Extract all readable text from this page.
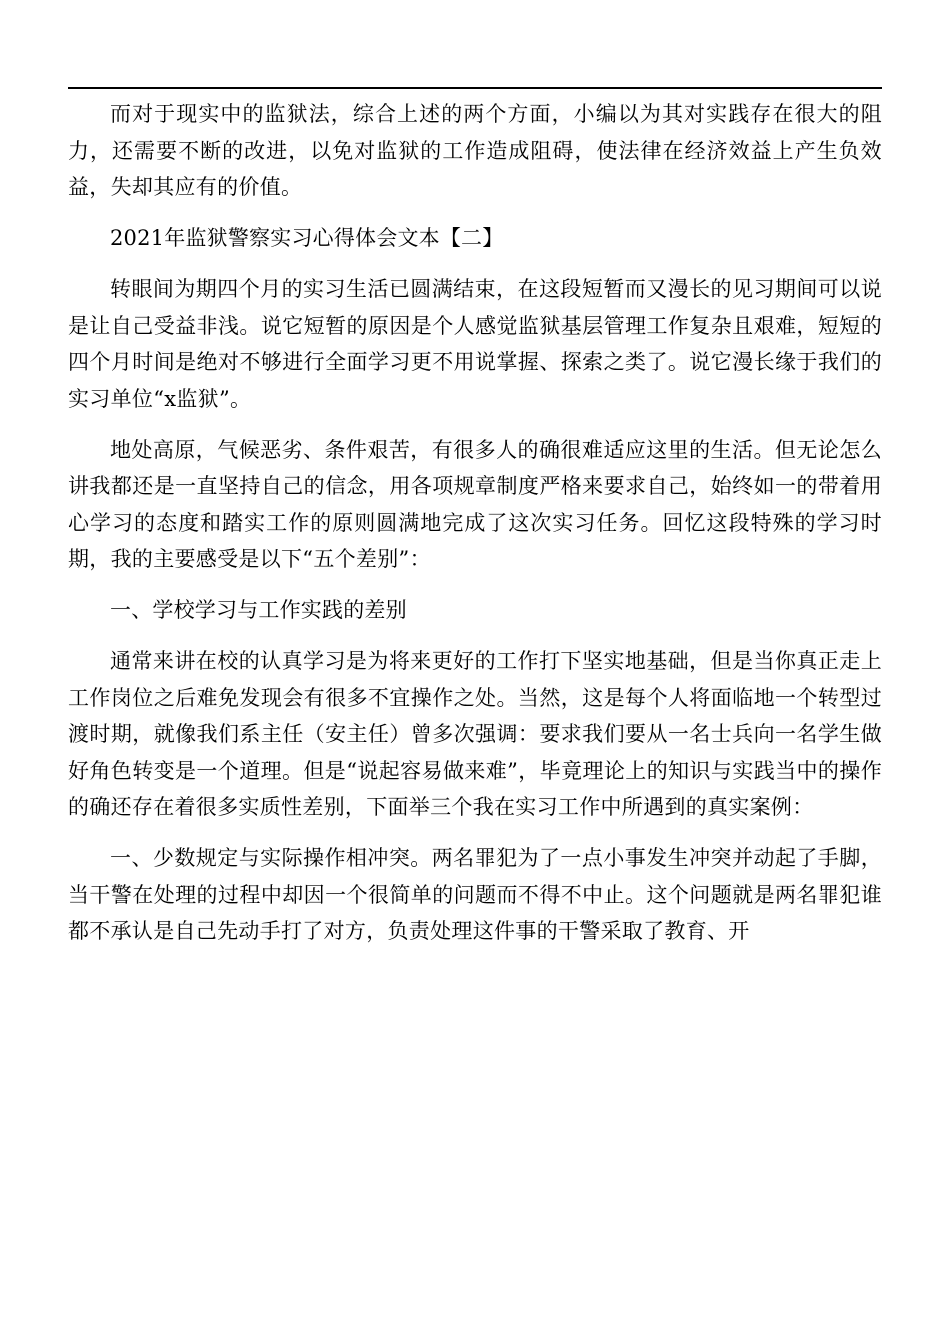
而对于现实中的监狱法，综合上述的两个方面，小编以为其对实践存在很大的阻力，还需要不断的改进，以免对监狱的工作造成阻碍，使法律在经济效益上产生负效益，失却其应有的价值。

2021年监狱警察实习心得体会文本【二】

转眼间为期四个月的实习生活已圆满结束，在这段短暂而又漫长的见习期间可以说是让自己受益非浅。说它短暂的原因是个人感觉监狱基层管理工作复杂且艰难，短短的四个月时间是绝对不够进行全面学习更不用说掌握、探索之类了。说它漫长缘于我们的实习单位“x监狱”。

地处高原，气候恶劣、条件艰苦，有很多人的确很难适应这里的生活。但无论怎么讲我都还是一直坚持自己的信念，用各项规章制度严格来要求自己，始终如一的带着用心学习的态度和踏实工作的原则圆满地完成了这次实习任务。回忆这段特殊的学习时期，我的主要感受是以下“五个差别”：

一、学校学习与工作实践的差别

通常来讲在校的认真学习是为将来更好的工作打下坚实地基础，但是当你真正走上工作岗位之后难免发现会有很多不宜操作之处。当然，这是每个人将面临地一个转型过渡时期，就像我们系主任（安主任）曾多次强调：要求我们要从一名士兵向一名学生做好角色转变是一个道理。但是“说起容易做来难”，毕竟理论上的知识与实践当中的操作的确还存在着很多实质性差别，下面举三个我在实习工作中所遇到的真实案例：

一、少数规定与实际操作相冲突。两名罪犯为了一点小事发生冲突并动起了手脚，当干警在处理的过程中却因一个很简单的问题而不得不中止。这个问题就是两名罪犯谁都不承认是自己先动手打了对方，负责处理这件事的干警采取了教育、开
